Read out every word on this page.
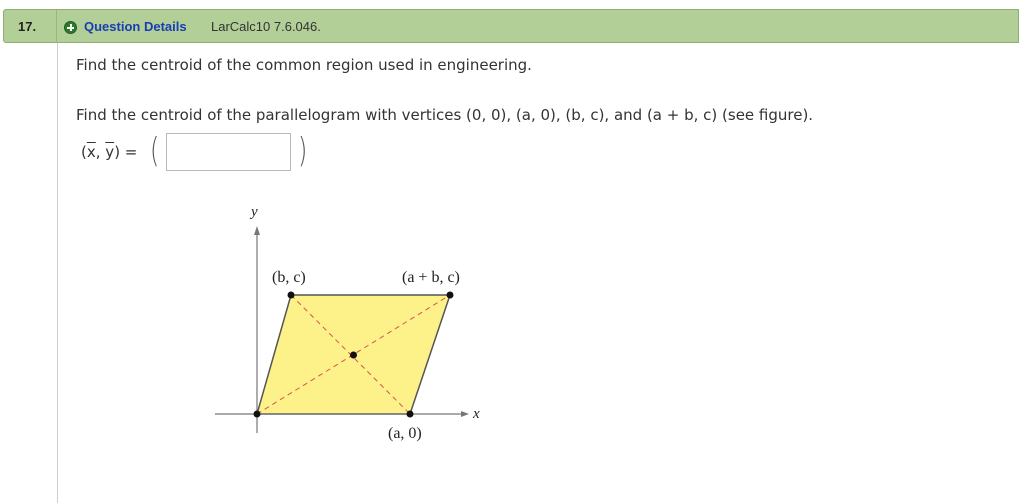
17.	Question Details LarCalc10 7.6.046.
Find the centroid of the common region used in engineering.
Find the centroid of the parallelogram with vertices (0, 0), (a, 0), (b, c), and (a + b, c) (see figure).
($\overline{x}$, $\overline{y}$) = (	)
y
x
(b, c)	(a + b, c)
(a, 0)
